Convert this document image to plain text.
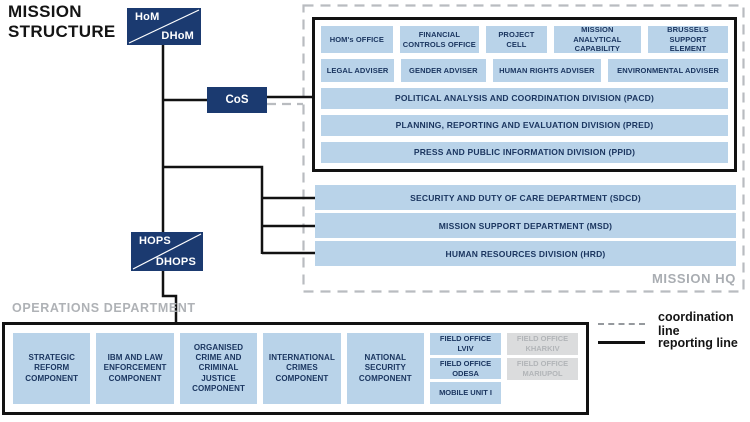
MISSION STRUCTURE
HoM
DHoM
CoS
HOPS
DHOPS
HOM's OFFICE
FINANCIAL CONTROLS OFFICE
PROJECT CELL
MISSION ANALYTICAL CAPABILITY
BRUSSELS SUPPORT ELEMENT
LEGAL ADVISER	GENDER ADVISER	HUMAN RIGHTS ADVISER	ENVIRONMENTAL ADVISER
POLITICAL ANALYSIS AND COORDINATION DIVISION (PACD)
PLANNING, REPORTING AND EVALUATION DIVISION (PRED)
PRESS AND PUBLIC INFORMATION DIVISION (PPID)
SECURITY AND DUTY OF CARE DEPARTMENT (SDCD)
MISSION SUPPORT DEPARTMENT (MSD)
HUMAN RESOURCES DIVISION (HRD)
MISSION HQ
OPERATIONS DEPARTMENT
STRATEGIC REFORM COMPONENT
IBM AND LAW ENFORCEMENT COMPONENT
ORGANISED CRIME AND CRIMINAL JUSTICE COMPONENT
INTERNATIONAL CRIMES COMPONENT
NATIONAL SECURITY COMPONENT
FIELD OFFICE LVIV
FIELD OFFICE ODESA
MOBILE UNIT I
FIELD OFFICE KHARKIV
FIELD OFFICE MARIUPOL
coordination line
reporting line
